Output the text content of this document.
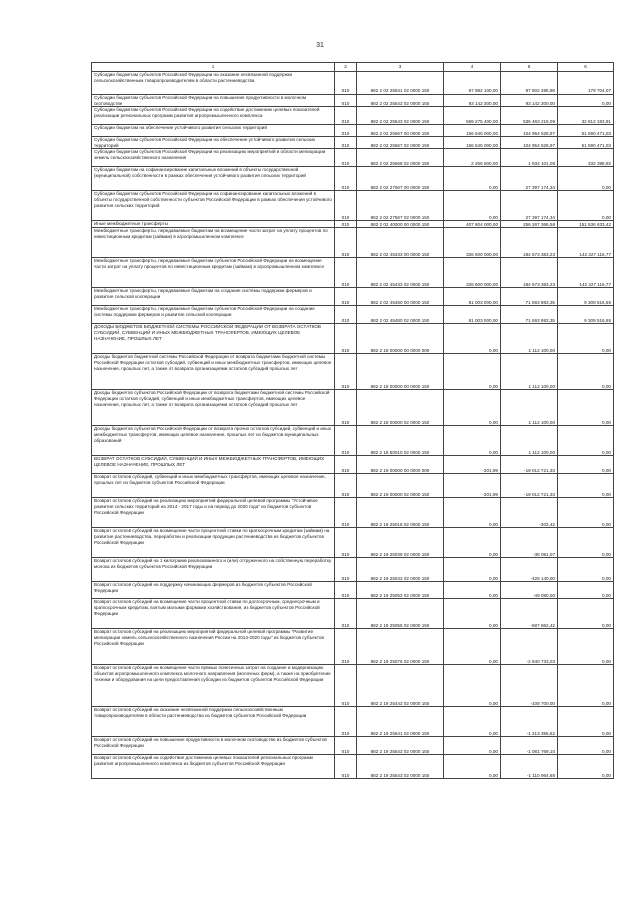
31
1	2	3	4	5	6
Субсидии бюджетам субъектов Российской Федерации на оказание несвязанной поддержки сельскохозяйственным товаропроизводителям в области растениеводства	010	882 2 02 25541 02 0000 150	97 982 100,00	97 802 395,98	179 704,07
Субсидии бюджетам субъектов Российской Федерации на повышение продуктивности в молочном скотоводстве	010	882 2 02 25542 02 0000 150	93 142 300,00	93 142 300,00	0,00
Субсидии бюджетам субъектов Российской Федерации на содействие достижению целевых показателей реализации региональных программ развития агропромышленного комплекса	010	882 2 02 25543 02 0000 150	569 275 400,00	536 463 216,09	32 812 183,91
Субсидии бюджетам на обеспечение устойчивого развития сельских территорий	010	882 2 02 25567 00 0000 150	156 545 000,00	104 954 528,97	51 590 471,03
Субсидии бюджетам субъектов Российской Федерации на обеспечение устойчивого развития сельских территорий	010	882 2 02 25567 02 0000 150	156 545 000,00	104 954 528,97	51 590 471,03
Субсидии бюджетам субъектов Российской Федерации на реализацию мероприятий в области мелиорации земель сельскохозяйственного назначения	010	882 2 02 25568 02 0000 150	2 266 500,00	1 934 101,08	332 398,92
Субсидии бюджетам на софинансирование капитальных вложений в объекты государственной (муниципальной) собственности в рамках обеспечения устойчивого развития сельских территорий	010	882 2 02 27567 00 0000 150	0,00	27 397 174,34	0,00
Субсидии бюджетам субъектов Российской Федерации на софинансирование капитальных вложений в объекты государственной собственности субъектов Российской Федерации в рамках обеспечения устойчивого развития сельских территорий	010	882 2 02 27567 02 0000 150	0,00	27 397 174,34	0,00
Иные межбюджетные трансферты	010	882 2 02 40000 00 0000 150	407 604 000,00	256 267 366,58	151 536 633,42
Межбюджетные трансферты, передаваемые бюджетам на возмещение части затрат на уплату процентов по инвестиционным кредитам (займам) в агропромышленном комплексе	010	882 2 02 45433 00 0000 150	326 600 000,00	184 573 383,23	142 227 116,77
Межбюджетные трансферты, передаваемые бюджетам субъектов Российской Федерации на возмещение части затрат на уплату процентов по инвестиционным кредитам (займам) в агропромышленном комплексе	010	882 2 02 45433 02 0000 150	326 600 000,00	184 573 383,23	142 227 116,77
Межбюджетные трансферты, передаваемые бюджетам на создание системы поддержки фермеров и развитие сельской кооперации	010	882 2 02 45480 00 0000 150	81 003 000,00	71 693 983,35	9 309 516,65
Межбюджетные трансферты, передаваемые бюджетам субъектов Российской Федерации на создание системы поддержки фермеров и развитие сельской кооперации	010	882 2 02 45480 02 0000 150	81 003 000,00	71 693 983,35	9 309 516,65
ДОХОДЫ БЮДЖЕТОВ БЮДЖЕТНОЙ СИСТЕМЫ РОССИЙСКОЙ ФЕДЕРАЦИИ ОТ ВОЗВРАТА ОСТАТКОВ СУБСИДИЙ, СУБВЕНЦИЙ И ИНЫХ МЕЖБЮДЖЕТНЫХ ТРАНСФЕРТОВ, ИМЕЮЩИХ ЦЕЛЕВОЕ НАЗНАЧЕНИЕ, ПРОШЛЫХ ЛЕТ	010	882 2 18 00000 00 0000 000	0,00	1 112 100,00	0,00
Доходы бюджетов бюджетной системы Российской Федерации от возврата бюджетами бюджетной системы Российской Федерации остатков субсидий, субвенций и иных межбюджетных трансфертов, имеющих целевое назначение, прошлых лет, а также от возврата организациями остатков субсидий прошлых лет	010	882 2 18 00000 00 0000 150	0,00	1 112 100,00	0,00
Доходы бюджетов субъектов Российской Федерации от возврата бюджетами бюджетной системы Российской Федерации остатков субсидий, субвенций и иных межбюджетных трансфертов, имеющих целевое назначение, прошлых лет, а также от возврата организациями остатков субсидий прошлых лет	010	882 2 18 00000 02 0000 150	0,00	1 112 100,00	0,00
Доходы бюджетов субъектов Российской Федерации от возврата прочих остатков субсидий, субвенций и иных межбюджетных трансфертов, имеющих целевое назначение, прошлых лет из бюджетов муниципальных образований	010	882 2 18 60010 02 0000 150	0,00	1 112 100,00	0,00
ВОЗВРАТ ОСТАТКОВ СУБСИДИЙ, СУБВЕНЦИЙ И ИНЫХ МЕЖБЮДЖЕТНЫХ ТРАНСФЕРТОВ, ИМЕЮЩИХ ЦЕЛЕВОЕ НАЗНАЧЕНИЕ, ПРОШЛЫХ ЛЕТ	010	882 2 19 00000 00 0000 000	-201,99	-19 012 721,33	0,00
Возврат остатков субсидий, субвенций и иных межбюджетных трансфертов, имеющих целевое назначение, прошлых лет из бюджетов субъектов Российской Федерации	010	882 2 19 00000 02 0000 150	-201,99	-19 012 721,33	0,00
Возврат остатков субсидий на реализацию мероприятий федеральной целевой программы "Устойчивое развитие сельских территорий на 2014 - 2017 годы и на период до 2020 года" из бюджетов субъектов Российской Федерации	010	882 2 19 25018 02 0000 150	0,00	-303,42	0,00
Возврат остатков субсидий на возмещение части процентной ставки по краткосрочным кредитам (займам) на развитие растениеводства, переработки и реализации продукции растениеводства из бюджетов субъектов Российской Федерации	010	882 2 19 25039 02 0000 150	0,00	-38 081,07	0,00
Возврат остатков субсидий на 1 килограмм реализованного и (или) отгруженного на собственную переработку молока из бюджетов субъектов Российской Федерации	010	882 2 19 25043 02 0000 150	0,00	-426 140,00	0,00
Возврат остатков субсидий на поддержку начинающих фермеров из бюджетов субъектов Российской Федерации	010	882 2 19 25053 02 0000 150	0,00	-49 080,00	0,00
Возврат остатков субсидий на возмещение части процентной ставки по долгосрочным, среднесрочным и краткосрочным кредитам, взятым малыми формами хозяйствования, из бюджетов субъектов Российской Федерации	010	882 2 19 25055 02 0000 150	0,00	-687 862,42	0,00
Возврат остатков субсидий на реализацию мероприятий федеральной целевой программы "Развитие мелиорации земель сельскохозяйственного назначения России на 2014-2020 годы" из бюджетов субъектов Российской Федерации	010	882 2 19 25076 02 0000 150	0,00	-2 840 733,03	0,00
Возврат остатков субсидий на возмещение части прямых понесенных затрат на создание и модернизацию объектов агропромышленного комплекса молочного направления (молочных ферм), а также на приобретение техники и оборудования на цели предоставления субсидии из бюджетов субъектов Российской Федерации	010	882 2 19 25442 02 0000 150	0,00	-108 700,00	0,00
Возврат остатков субсидий на оказание несвязанной поддержки сельскохозяйственным товаропроизводителям в области растениеводства из бюджетов субъектов Российской Федерации	010	882 2 19 25541 02 0000 150	0,00	-1 213 355,62	0,00
Возврат остатков субсидий на повышение продуктивности в молочном скотоводстве из бюджетов субъектов Российской Федерации	010	882 2 19 25542 02 0000 150	0,00	-1 081 769,10	0,00
Возврат остатков субсидий на содействие достижению целевых показателей региональных программ развития агропромышленного комплекса из бюджетов субъектов Российской Федерации	010	882 2 19 25543 02 0000 150	0,00	-1 110 964,88	0,00
